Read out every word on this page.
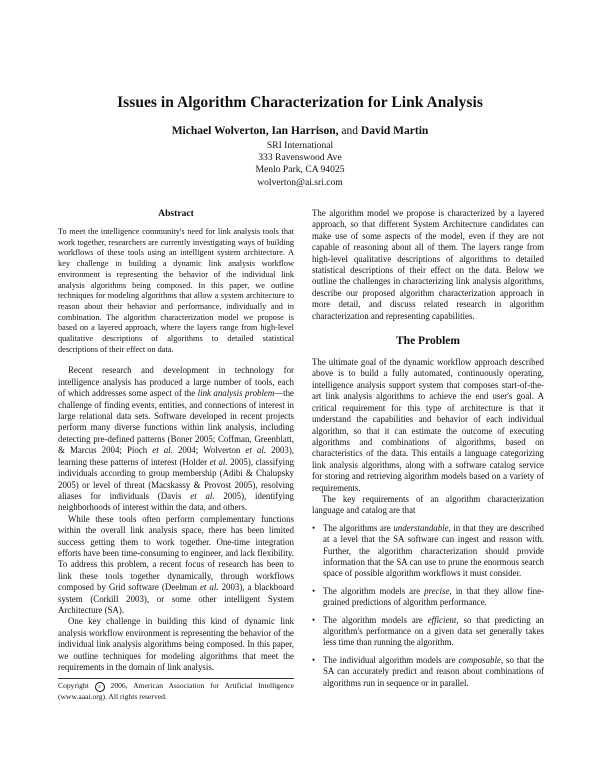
Issues in Algorithm Characterization for Link Analysis
Michael Wolverton, Ian Harrison, and David Martin
SRI International
333 Ravenswood Ave
Menlo Park, CA 94025
wolverton@ai.sri.com
Abstract

To meet the intelligence community's need for link analysis tools that work together, researchers are currently investigating ways of building workflows of these tools using an intelligent system architecture. A key challenge in building a dynamic link analysis workflow environment is representing the behavior of the individual link analysis algorithms being composed. In this paper, we outline techniques for modeling algorithms that allow a system architecture to reason about their behavior and performance, individually and in combination. The algorithm characterization model we propose is based on a layered approach, where the layers range from high-level qualitative descriptions of algorithms to detailed statistical descriptions of their effect on data.

Recent research and development in technology for intelligence analysis has produced a large number of tools, each of which addresses some aspect of the link analysis problem—the challenge of finding events, entities, and connections of interest in large relational data sets. Software developed in recent projects perform many diverse functions within link analysis, including detecting pre-defined patterns (Boner 2005; Coffman, Greenblatt, & Marcus 2004; Pioch et al. 2004; Wolverton et al. 2003), learning these patterns of interest (Holder et al. 2005), classifying individuals according to group membership (Adibi & Chalupsky 2005) or level of threat (Macskassy & Provost 2005), resolving aliases for individuals (Davis et al. 2005), identifying neighborhoods of interest within the data, and others.

While these tools often perform complementary functions within the overall link analysis space, there has been limited success getting them to work together. One-time integration efforts have been time-consuming to engineer, and lack flexibility. To address this problem, a recent focus of research has been to link these tools together dynamically, through workflows composed by Grid software (Deelman et al. 2003), a blackboard system (Corkill 2003), or some other intelligent System Architecture (SA).

One key challenge in building this kind of dynamic link analysis workflow environment is representing the behavior of the individual link analysis algorithms being composed. In this paper, we outline techniques for modeling algorithms that meet the requirements in the domain of link analysis.

Copyright c 2006, American Association for Artificial Intelligence (www.aaai.org). All rights reserved.

The algorithm model we propose is characterized by a layered approach, so that different System Architecture candidates can make use of some aspects of the model, even if they are not capable of reasoning about all of them. The layers range from high-level qualitative descriptions of algorithms to detailed statistical descriptions of their effect on the data. Below we outline the challenges in characterizing link analysis algorithms, describe our proposed algorithm characterization approach in more detail, and discuss related research in algorithm characterization and representing capabilities.

The Problem

The ultimate goal of the dynamic workflow approach described above is to build a fully automated, continuously operating, intelligence analysis support system that composes start-of-the-art link analysis algorithms to achieve the end user's goal. A critical requirement for this type of architecture is that it understand the capabilities and behavior of each individual algorithm, so that it can estimate the outcome of executing algorithms and combinations of algorithms, based on characteristics of the data. This entails a language categorizing link analysis algorithms, along with a software catalog service for storing and retrieving algorithm models based on a variety of requirements.

The key requirements of an algorithm characterization language and catalog are that

• The algorithms are understandable, in that they are described at a level that the SA software can ingest and reason with. Further, the algorithm characterization should provide information that the SA can use to prune the enormous search space of possible algorithm workflows it must consider.
• The algorithm models are precise, in that they allow fine-grained predictions of algorithm performance.
• The algorithm models are efficient, so that predicting an algorithm's performance on a given data set generally takes less time than running the algorithm.
• The individual algorithm models are composable, so that the SA can accurately predict and reason about combinations of algorithms run in sequence or in parallel.
